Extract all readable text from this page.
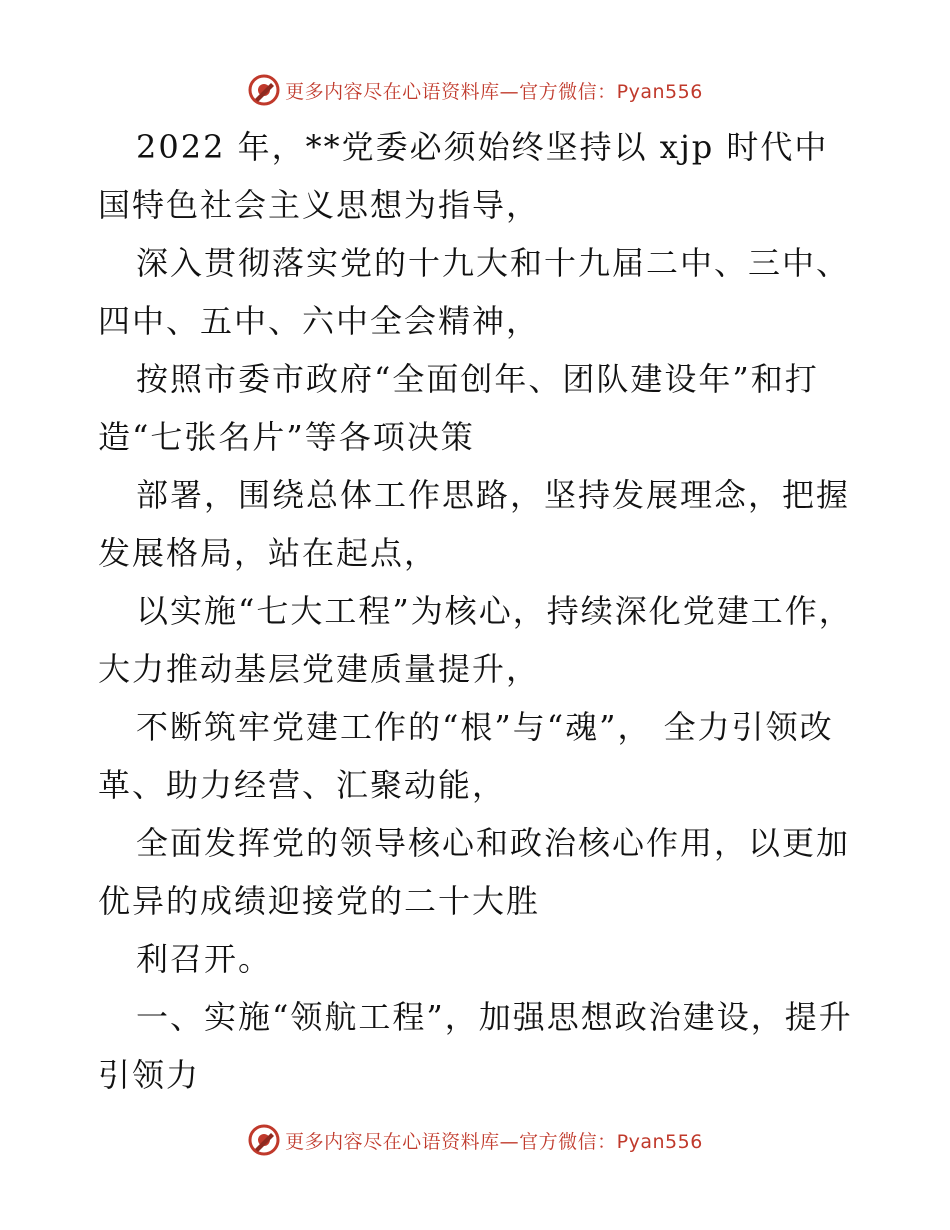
更多内容尽在心语资料库—官方微信：Pyan556

2022 年，**党委必须始终坚持以 xjp 时代中国特色社会主义思想为指导，

深入贯彻落实党的十九大和十九届二中、三中、四中、五中、六中全会精神，

按照市委市政府“全面创年、团队建设年”和打造“七张名片”等各项决策

部署，围绕总体工作思路，坚持发展理念，把握发展格局，站在起点，

以实施“七大工程”为核心，持续深化党建工作，大力推动基层党建质量提升，

不断筑牢党建工作的“根”与“魂”， 全力引领改革、助力经营、汇聚动能，

全面发挥党的领导核心和政治核心作用，以更加优异的成绩迎接党的二十大胜

利召开。

一、实施“领航工程”，加强思想政治建设，提升引领力

更多内容尽在心语资料库—官方微信：Pyan556
